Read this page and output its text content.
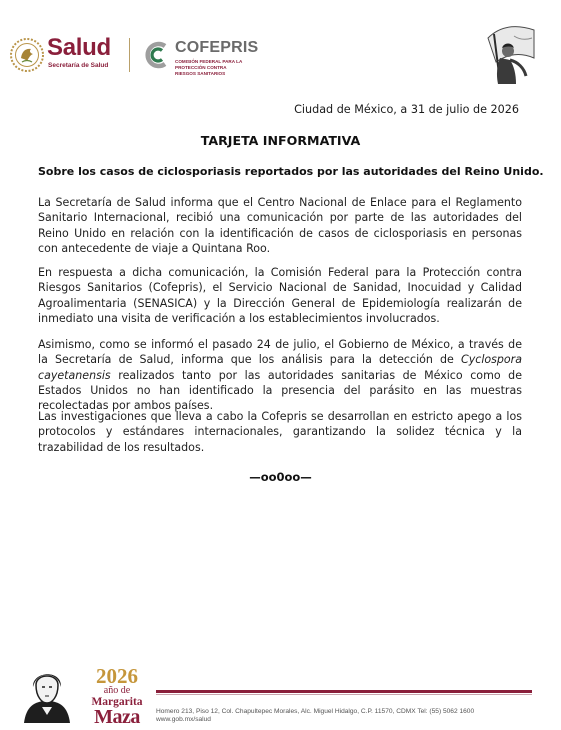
Salud
Secretaría de Salud
COFEPRIS
COMISIÓN FEDERAL PARA LA PROTECCIÓN CONTRA RIESGOS SANITARIOS
Ciudad de México, a 31 de julio de 2026
TARJETA INFORMATIVA
Sobre los casos de ciclosporiasis reportados por las autoridades del Reino Unido.

La Secretaría de Salud informa que el Centro Nacional de Enlace para el Reglamento Sanitario Internacional, recibió una comunicación por parte de las autoridades del Reino Unido en relación con la identificación de casos de ciclosporiasis en personas con antecedente de viaje a Quintana Roo.

En respuesta a dicha comunicación, la Comisión Federal para la Protección contra Riesgos Sanitarios (Cofepris), el Servicio Nacional de Sanidad, Inocuidad y Calidad Agroalimentaria (SENASICA) y la Dirección General de Epidemiología realizarán de inmediato una visita de verificación a los establecimientos involucrados.

Asimismo, como se informó el pasado 24 de julio, el Gobierno de México, a través de la Secretaría de Salud, informa que los análisis para la detección de Cyclospora cayetanensis realizados tanto por las autoridades sanitarias de México como de Estados Unidos no han identificado la presencia del parásito en las muestras recolectadas por ambos países.

Las investigaciones que lleva a cabo la Cofepris se desarrollan en estricto apego a los protocolos y estándares internacionales, garantizando la solidez técnica y la trazabilidad de los resultados.

—oo0oo—
2026
año de
Margarita
Maza	Homero 213, Piso 12, Col. Chapultepec Morales, Alc. Miguel Hidalgo, C.P. 11570, CDMX Tel: (55) 5062 1600
www.gob.mx/salud
